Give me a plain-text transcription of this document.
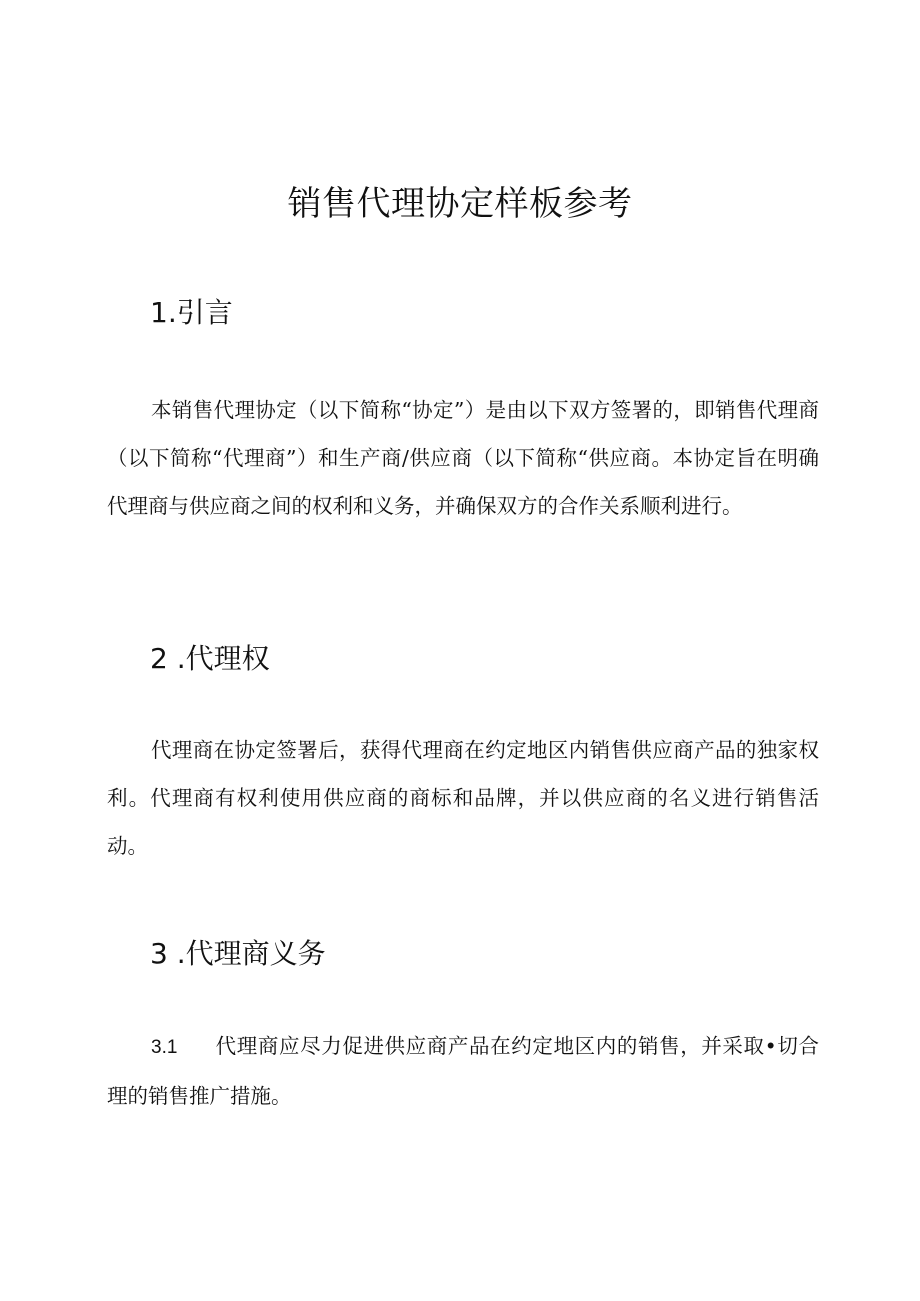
销售代理协定样板参考
1.引言

本销售代理协定（以下简称“协定”）是由以下双方签署的，即销售代理商（以下简称“代理商”）和生产商/供应商（以下简称“供应商。本协定旨在明确代理商与供应商之间的权利和义务，并确保双方的合作关系顺利进行。

2 .代理权

代理商在协定签署后，获得代理商在约定地区内销售供应商产品的独家权利。代理商有权利使用供应商的商标和品牌，并以供应商的名义进行销售活动。

3 .代理商义务

3.1 代理商应尽力促进供应商产品在约定地区内的销售，并采取•切合理的销售推广措施。
